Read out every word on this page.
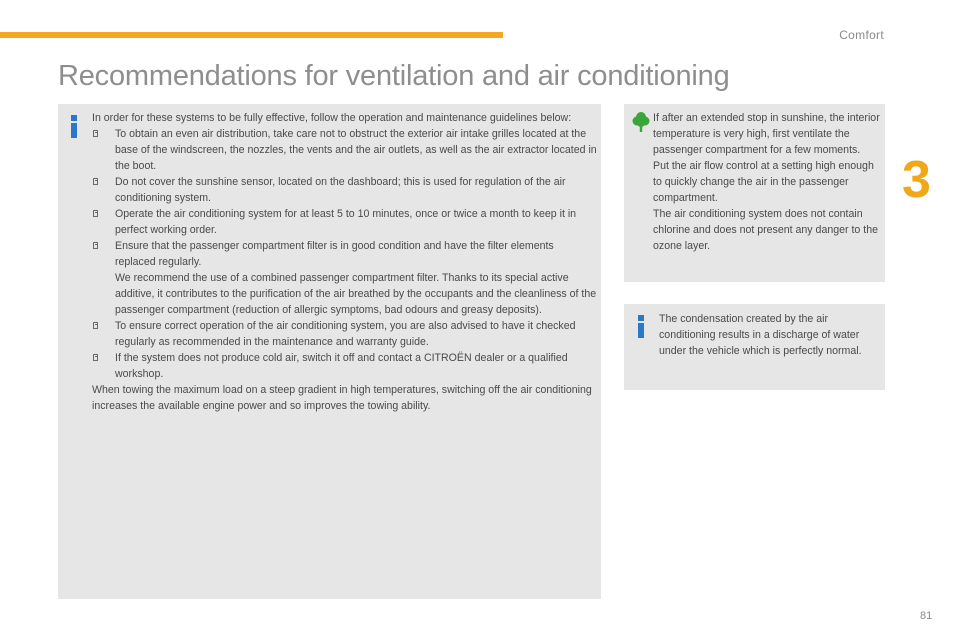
Comfort
Recommendations for ventilation and air conditioning
3

In order for these systems to be fully effective, follow the operation and maintenance guidelines below:

To obtain an even air distribution, take care not to obstruct the exterior air intake grilles located at the base of the windscreen, the nozzles, the vents and the air outlets, as well as the air extractor located in the boot.

Do not cover the sunshine sensor, located on the dashboard; this is used for regulation of the air conditioning system.

Operate the air conditioning system for at least 5 to 10 minutes, once or twice a month to keep it in perfect working order.

Ensure that the passenger compartment filter is in good condition and have the filter elements replaced regularly.

We recommend the use of a combined passenger compartment filter. Thanks to its special active additive, it contributes to the purification of the air breathed by the occupants and the cleanliness of the passenger compartment (reduction of allergic symptoms, bad odours and greasy deposits).

To ensure correct operation of the air conditioning system, you are also advised to have it checked regularly as recommended in the maintenance and warranty guide.

If the system does not produce cold air, switch it off and contact a CITROËN dealer or a qualified workshop.

When towing the maximum load on a steep gradient in high temperatures, switching off the air conditioning increases the available engine power and so improves the towing ability.

If after an extended stop in sunshine, the interior temperature is very high, first ventilate the passenger compartment for a few moments.

Put the air flow control at a setting high enough to quickly change the air in the passenger compartment.

The air conditioning system does not contain chlorine and does not present any danger to the ozone layer.

The condensation created by the air conditioning results in a discharge of water under the vehicle which is perfectly normal.

81
